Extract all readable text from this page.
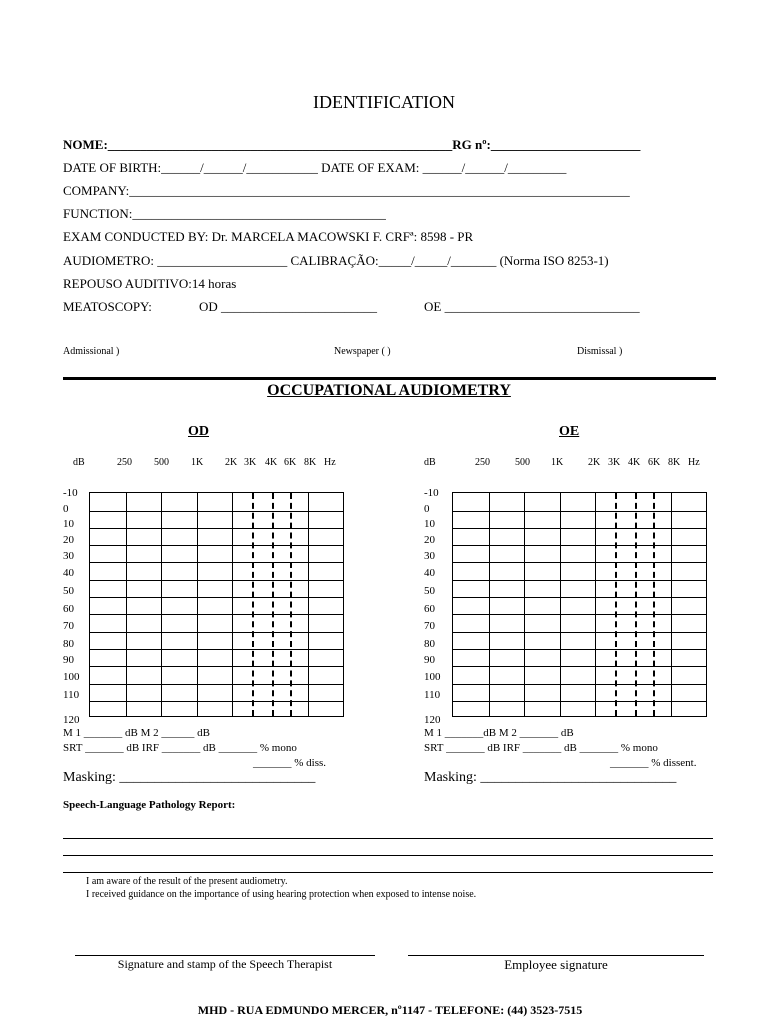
IDENTIFICATION
NOME:_____________________________________________________RG nº:_______________________
DATE OF BIRTH:______/______/___________ DATE OF EXAM: ______/______/_________
COMPANY:_____________________________________________________________________________
FUNCTION:_______________________________________
EXAM CONDUCTED BY: Dr. MARCELA MACOWSKI F. CRFª: 8598 - PR
AUDIOMETRO: ____________________ CALIBRAÇÃO:_____/_____/_______ (Norma ISO 8253-1)
REPOUSO AUDITIVO:14 horas
MEATOSCOPY:	OD ________________________	OE ______________________________
Admissional )	Newspaper ( )	Dismissal )
OCCUPATIONAL AUDIOMETRY
OD	OE
dB	250 500 1K 2K 3K 4K 6K 8K Hz
-10
0
10
20
30
40
50
60
70
80
90
100
110
120
dB	250	500 1K 2K 3K 4K 6K 8K Hz
-10
0
10
20
30
40
50
60
70
80
90
100
110
120
M 1 _______ dB M 2 ______ dB
SRT _______ dB IRF _______ dB _______ % mono
_______ % diss.
Masking: ____________________________
M 1 _______dB M 2 _______ dB
SRT _______ dB IRF _______ dB _______ % mono
_______ % dissent.
Masking: ____________________________
Speech-Language Pathology Report:
I am aware of the result of the present audiometry.
I received guidance on the importance of using hearing protection when exposed to intense noise.
Signature and stamp of the Speech Therapist	Employee signature
MHD - RUA EDMUNDO MERCER, nº1147 - TELEFONE: (44) 3523-7515
